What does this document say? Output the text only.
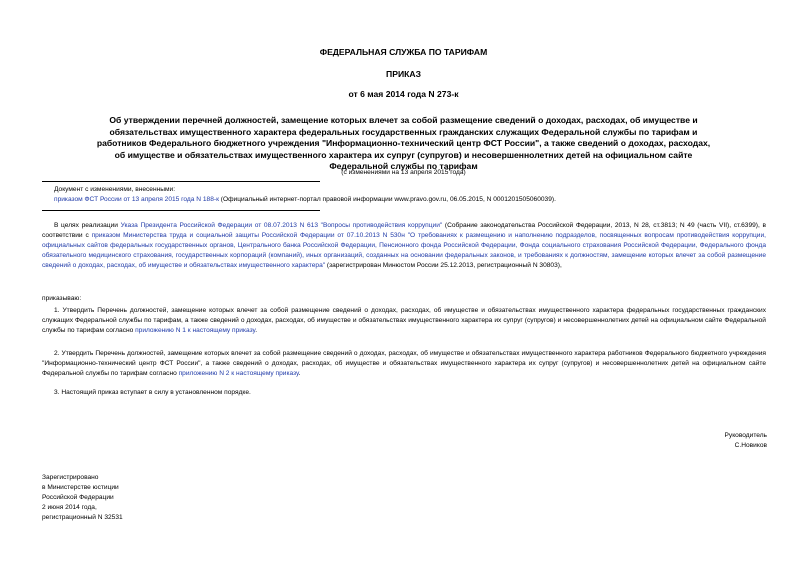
ФЕДЕРАЛЬНАЯ СЛУЖБА ПО ТАРИФАМ
ПРИКАЗ
от 6 мая 2014 года N 273-к
Об утверждении перечней должностей, замещение которых влечет за собой размещение сведений о доходах, расходах, об имуществе и обязательствах имущественного характера федеральных государственных гражданских служащих Федеральной службы по тарифам и работников Федерального бюджетного учреждения "Информационно-технический центр ФСТ России", а также сведений о доходах, расходах, об имуществе и обязательствах имущественного характера их супруг (супругов) и несовершеннолетних детей на официальном сайте Федеральной службы по тарифам
(с изменениями на 13 апреля 2015 года)
Документ с изменениями, внесенными:
приказом ФСТ России от 13 апреля 2015 года N 188-к (Официальный интернет-портал правовой информации www.pravo.gov.ru, 06.05.2015, N 0001201505060039).

В целях реализации Указа Президента Российской Федерации от 08.07.2013 N 613 "Вопросы противодействия коррупции" (Собрание законодательства Российской Федерации, 2013, N 28, ст.3813; N 49 (часть VII), ст.6399), в соответствии с приказом Министерства труда и социальной защиты Российской Федерации от 07.10.2013 N 530н "О требованиях к размещению и наполнению подразделов, посвященных вопросам противодействия коррупции, официальных сайтов федеральных государственных органов, Центрального банка Российской Федерации, Пенсионного фонда Российской Федерации, Фонда социального страхования Российской Федерации, Федерального фонда обязательного медицинского страхования, государственных корпораций (компаний), иных организаций, созданных на основании федеральных законов, и требованиях к должностям, замещение которых влечет за собой размещение сведений о доходах, расходах, об имуществе и обязательствах имущественного характера" (зарегистрирован Минюстом России 25.12.2013, регистрационный N 30803),

приказываю:

1. Утвердить Перечень должностей, замещение которых влечет за собой размещение сведений о доходах, расходах, об имуществе и обязательствах имущественного характера федеральных государственных гражданских служащих Федеральной службы по тарифам, а также сведений о доходах, расходах, об имуществе и обязательствах имущественного характера их супруг (супругов) и несовершеннолетних детей на официальном сайте Федеральной службы по тарифам согласно приложению N 1 к настоящему приказу.

2. Утвердить Перечень должностей, замещение которых влечет за собой размещение сведений о доходах, расходах, об имуществе и обязательствах имущественного характера работников Федерального бюджетного учреждения "Информационно-технический центр ФСТ России", а также сведений о доходах, расходах, об имуществе и обязательствах имущественного характера их супруг (супругов) и несовершеннолетних детей на официальном сайте Федеральной службы по тарифам согласно приложению N 2 к настоящему приказу.

3. Настоящий приказ вступает в силу в установленном порядке.

Руководитель
С.Новиков
Зарегистрировано
в Министерстве юстиции
Российской Федерации
2 июня 2014 года,
регистрационный N 32531
